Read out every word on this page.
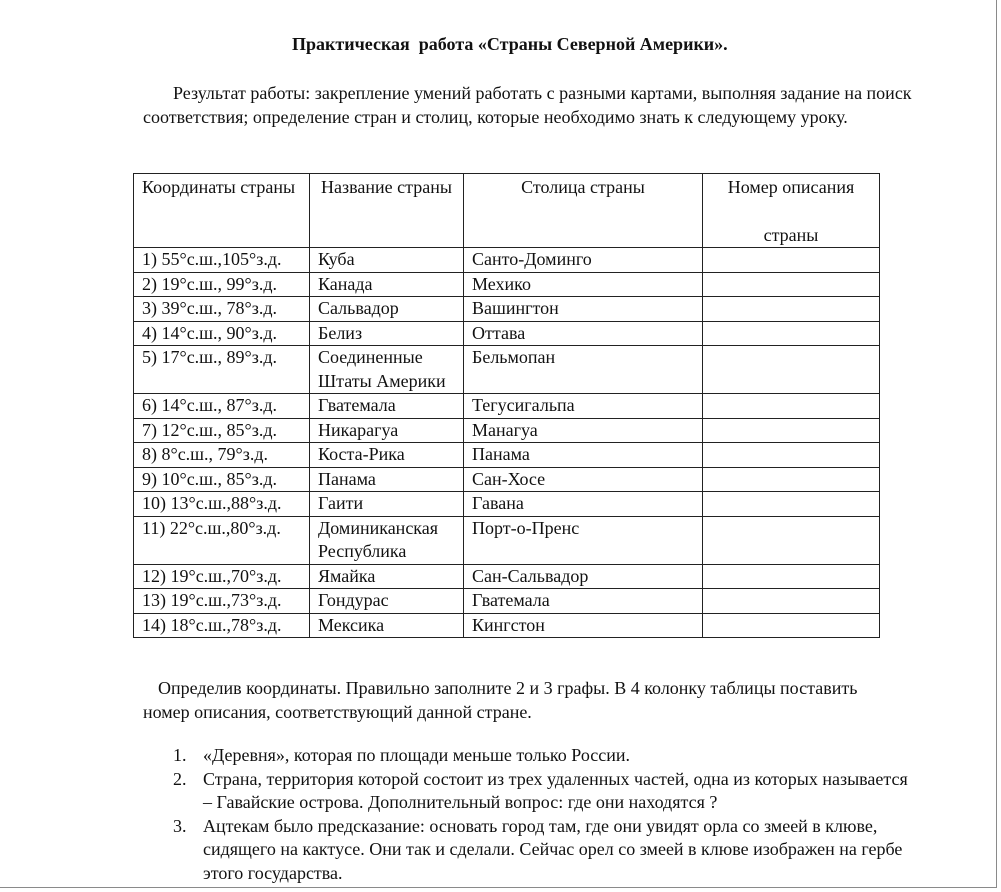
Практическая  работа «Страны Северной Америки».

Результат работы: закрепление умений работать с разными картами, выполняя задание на поиск соответствия; определение стран и столиц, которые необходимо знать к следующему уроку.

Координаты страны	Название страны	Столица страны	Номер описания
страны

1) 55°с.ш.,105°з.д.	Куба	Санто-Доминго	
2) 19°с.ш., 99°з.д.	Канада	Мехико	
3) 39°с.ш., 78°з.д.	Сальвадор	Вашингтон	
4) 14°с.ш., 90°з.д.	Белиз	Оттава	
5) 17°с.ш., 89°з.д.	Соединенные Штаты Америки	Бельмопан	
6) 14°с.ш., 87°з.д.	Гватемала	Тегусигальпа	
7) 12°с.ш., 85°з.д.	Никарагуа	Манагуа	
8) 8°с.ш., 79°з.д.	Коста-Рика	Панама	
9) 10°с.ш., 85°з.д.	Панама	Сан-Хосе	
10) 13°с.ш.,88°з.д.	Гаити	Гавана	
11) 22°с.ш.,80°з.д.	Доминиканская Республика	Порт-о-Пренс	
12) 19°с.ш.,70°з.д.	Ямайка	Сан-Сальвадор	
13) 19°с.ш.,73°з.д.	Гондурас	Гватемала	
14) 18°с.ш.,78°з.д.	Мексика	Кингстон	

Определив координаты. Правильно заполните 2 и 3 графы. В 4 колонку таблицы поставить номер описания, соответствующий данной стране.

1. «Деревня», которая по площади меньше только России.
2. Страна, территория которой состоит из трех удаленных частей, одна из которых называется – Гавайские острова. Дополнительный вопрос: где они находятся ?
3. Ацтекам было предсказание: основать город там, где они увидят орла со змеей в клюве, сидящего на кактусе. Они так и сделали. Сейчас орел со змеей в клюве изображен на гербе этого государства.
